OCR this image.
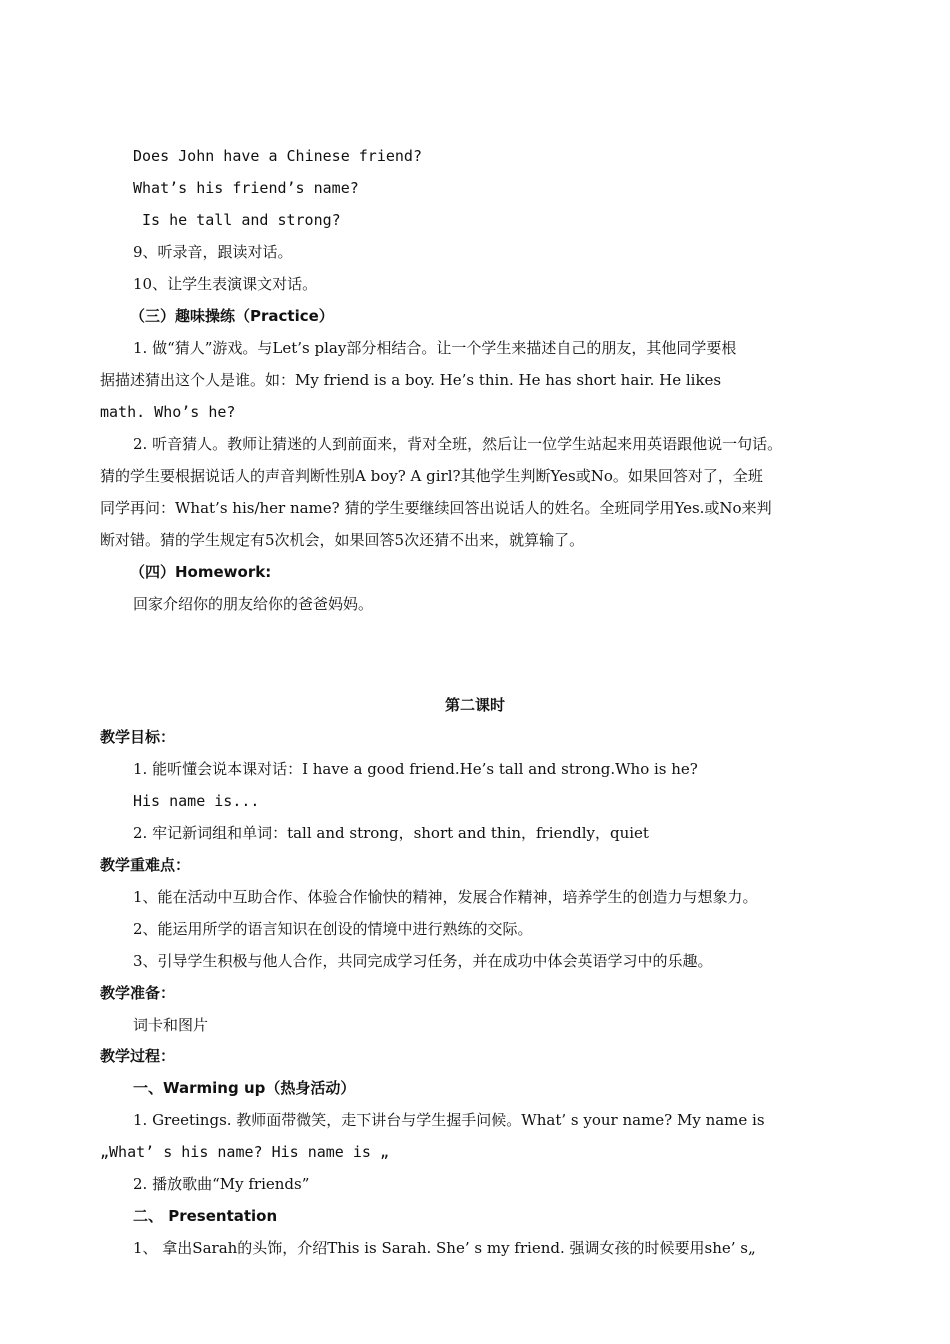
Does John have a Chinese friend?
What’s his friend’s name?
Is he tall and strong?
9、听录音，跟读对话。
10、让学生表演课文对话。
（三）趣味操练（Practice）
1. 做“猜人”游戏。与Let’s play部分相结合。让一个学生来描述自己的朋友，其他同学要根
据描述猜出这个人是谁。如：My friend is a boy. He’s thin. He has short hair. He likes
math. Who’s he?
2. 听音猜人。教师让猜迷的人到前面来，背对全班，然后让一位学生站起来用英语跟他说一句话。
猜的学生要根据说话人的声音判断性别A boy? A girl?其他学生判断Yes或No。如果回答对了，全班
同学再问：What’s his/her name? 猜的学生要继续回答出说话人的姓名。全班同学用Yes.或No来判
断对错。猜的学生规定有5次机会，如果回答5次还猜不出来，就算输了。
（四）Homework:
回家介绍你的朋友给你的爸爸妈妈。
第二课时
教学目标：
1. 能听懂会说本课对话：I have a good friend.He’s tall and strong.Who is he?
His name is...
2. 牢记新词组和单词：tall and strong，short and thin，friendly，quiet
教学重难点：
1、能在活动中互助合作、体验合作愉快的精神，发展合作精神，培养学生的创造力与想象力。
2、能运用所学的语言知识在创设的情境中进行熟练的交际。
3、引导学生积极与他人合作，共同完成学习任务，并在成功中体会英语学习中的乐趣。
教学准备：
词卡和图片
教学过程：
一、Warming up（热身活动）
1. Greetings. 教师面带微笑，走下讲台与学生握手问候。What’ s your name? My name is
„What’ s his name? His name is „
2. 播放歌曲“My friends”
二、 Presentation
1、 拿出Sarah的头饰，介绍This is Sarah. She’ s my friend. 强调女孩的时候要用she’ s„
